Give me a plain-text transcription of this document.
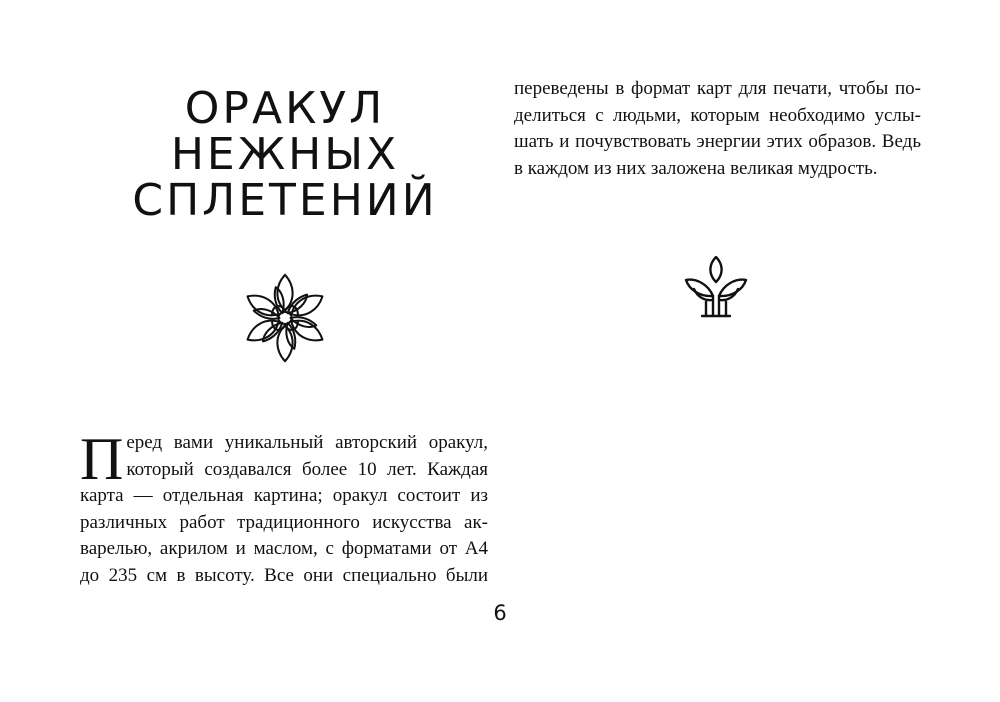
ОРАКУЛ
НЕЖНЫХ
СПЛЕТЕНИЙ
переведены в формат карт для печати, чтобы по-
делиться с людьми, которым необходимо услы-
шать и почувствовать энергии этих образов. Ведь
в каждом из них заложена великая мудрость.
П еред вами уникальный авторский оракул,
который создавался более 10 лет. Каждая
карта — отдельная картина; оракул состоит из
различных работ традиционного искусства ак-
варелью, акрилом и маслом, с форматами от А4
до 235 см в высоту. Все они специально были
6
